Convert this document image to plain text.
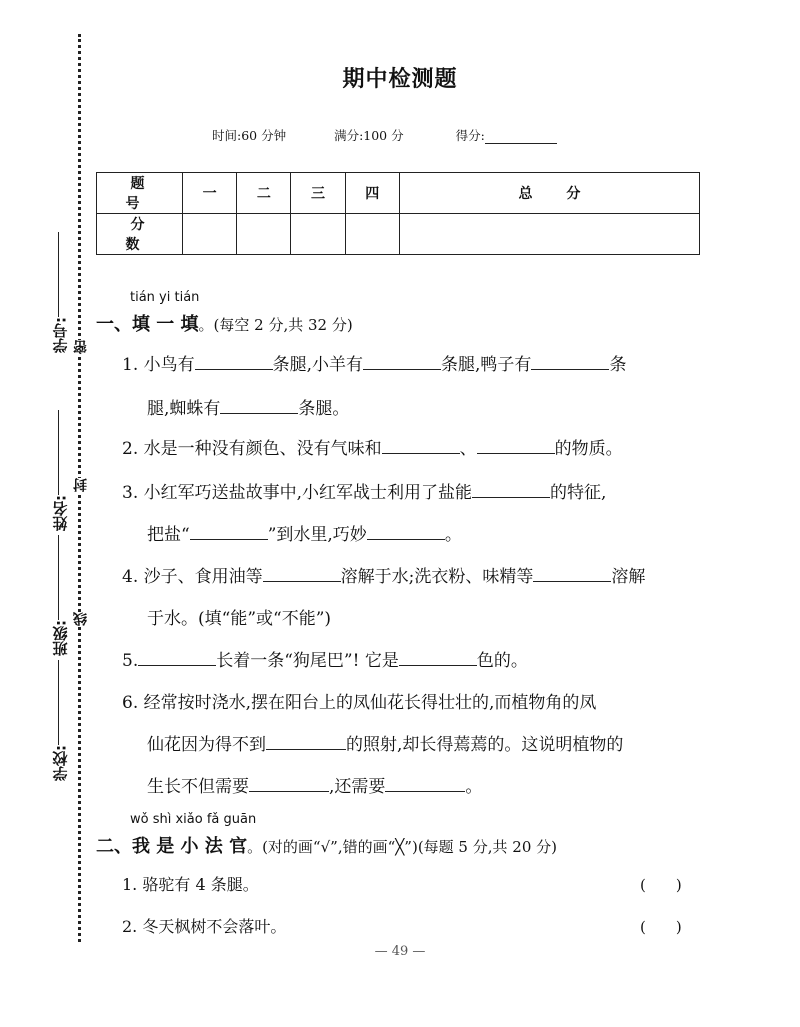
密
封
线
学号:
姓名:
班级:
学校:
期中检测题
时间:60 分钟	满分:100 分	得分:
题　号	一	二	三	四	总　分
分　数					
tián yi tián
一、填 一 填。(每空 2 分,共 32 分)
1. 小鸟有	条腿,小羊有	条腿,鸭子有	条
腿,蜘蛛有	条腿。
2. 水是一种没有颜色、没有气味和	、	的物质。
3. 小红军巧送盐故事中,小红军战士利用了盐能	的特征,
把盐“	”到水里,巧妙	。
4. 沙子、食用油等	溶解于水;洗衣粉、味精等	溶解
于水。(填“能”或“不能”)
5.	长着一条“狗尾巴”! 它是	色的。
6. 经常按时浇水,摆在阳台上的凤仙花长得壮壮的,而植物角的凤
仙花因为得不到	的照射,却长得蔫蔫的。这说明植物的
生长不但需要	,还需要	。
wǒ shì xiǎo fǎ guān
二、我 是 小 法 官。(对的画“√”,错的画“╳”)(每题 5 分,共 20 分)
1. 骆驼有 4 条腿。	(　　)
2. 冬天枫树不会落叶。	(　　)
— 49 —
